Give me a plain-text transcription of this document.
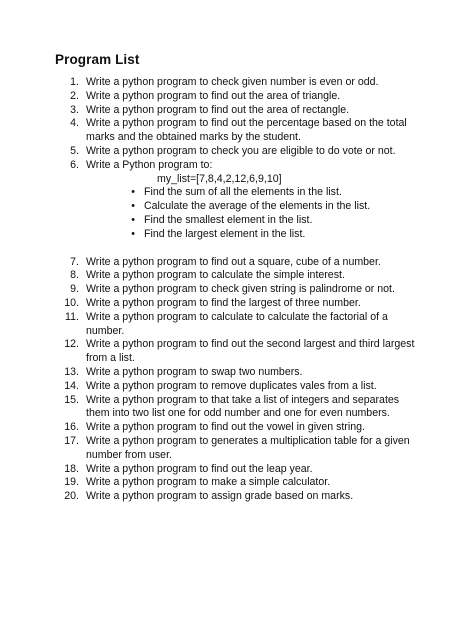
Program List
1. Write a python program to check given number is even or odd.
2. Write a python program to find out the area of triangle.
3. Write a python program to find out the area of rectangle.
4. Write a python program to find out the percentage based on the total marks and the obtained marks by the student.
5. Write a python program to check you are eligible to do vote or not.
6. Write a Python program to:
my_list=[7,8,4,2,12,6,9,10]
• Find the sum of all the elements in the list.
• Calculate the average of the elements in the list.
• Find the smallest element in the list.
• Find the largest element in the list.
7. Write a python program to find out a square, cube of a number.
8. Write a python program to calculate the simple interest.
9. Write a python program to check given string is palindrome or not.
10. Write a python program to find the largest of three number.
11. Write a python program to calculate to calculate the factorial of a number.
12. Write a python program to find out the second largest and third largest from a list.
13. Write a python program to swap two numbers.
14. Write a python program to remove duplicates vales from a list.
15. Write a python program to that take a list of integers and separates them into two list one for odd number and one for even numbers.
16. Write a python program to find out the vowel in given string.
17. Write a python program to generates a multiplication table for a given number from user.
18. Write a python program to find out the leap year.
19. Write a python program to make a simple calculator.
20. Write a python program to assign grade based on marks.
